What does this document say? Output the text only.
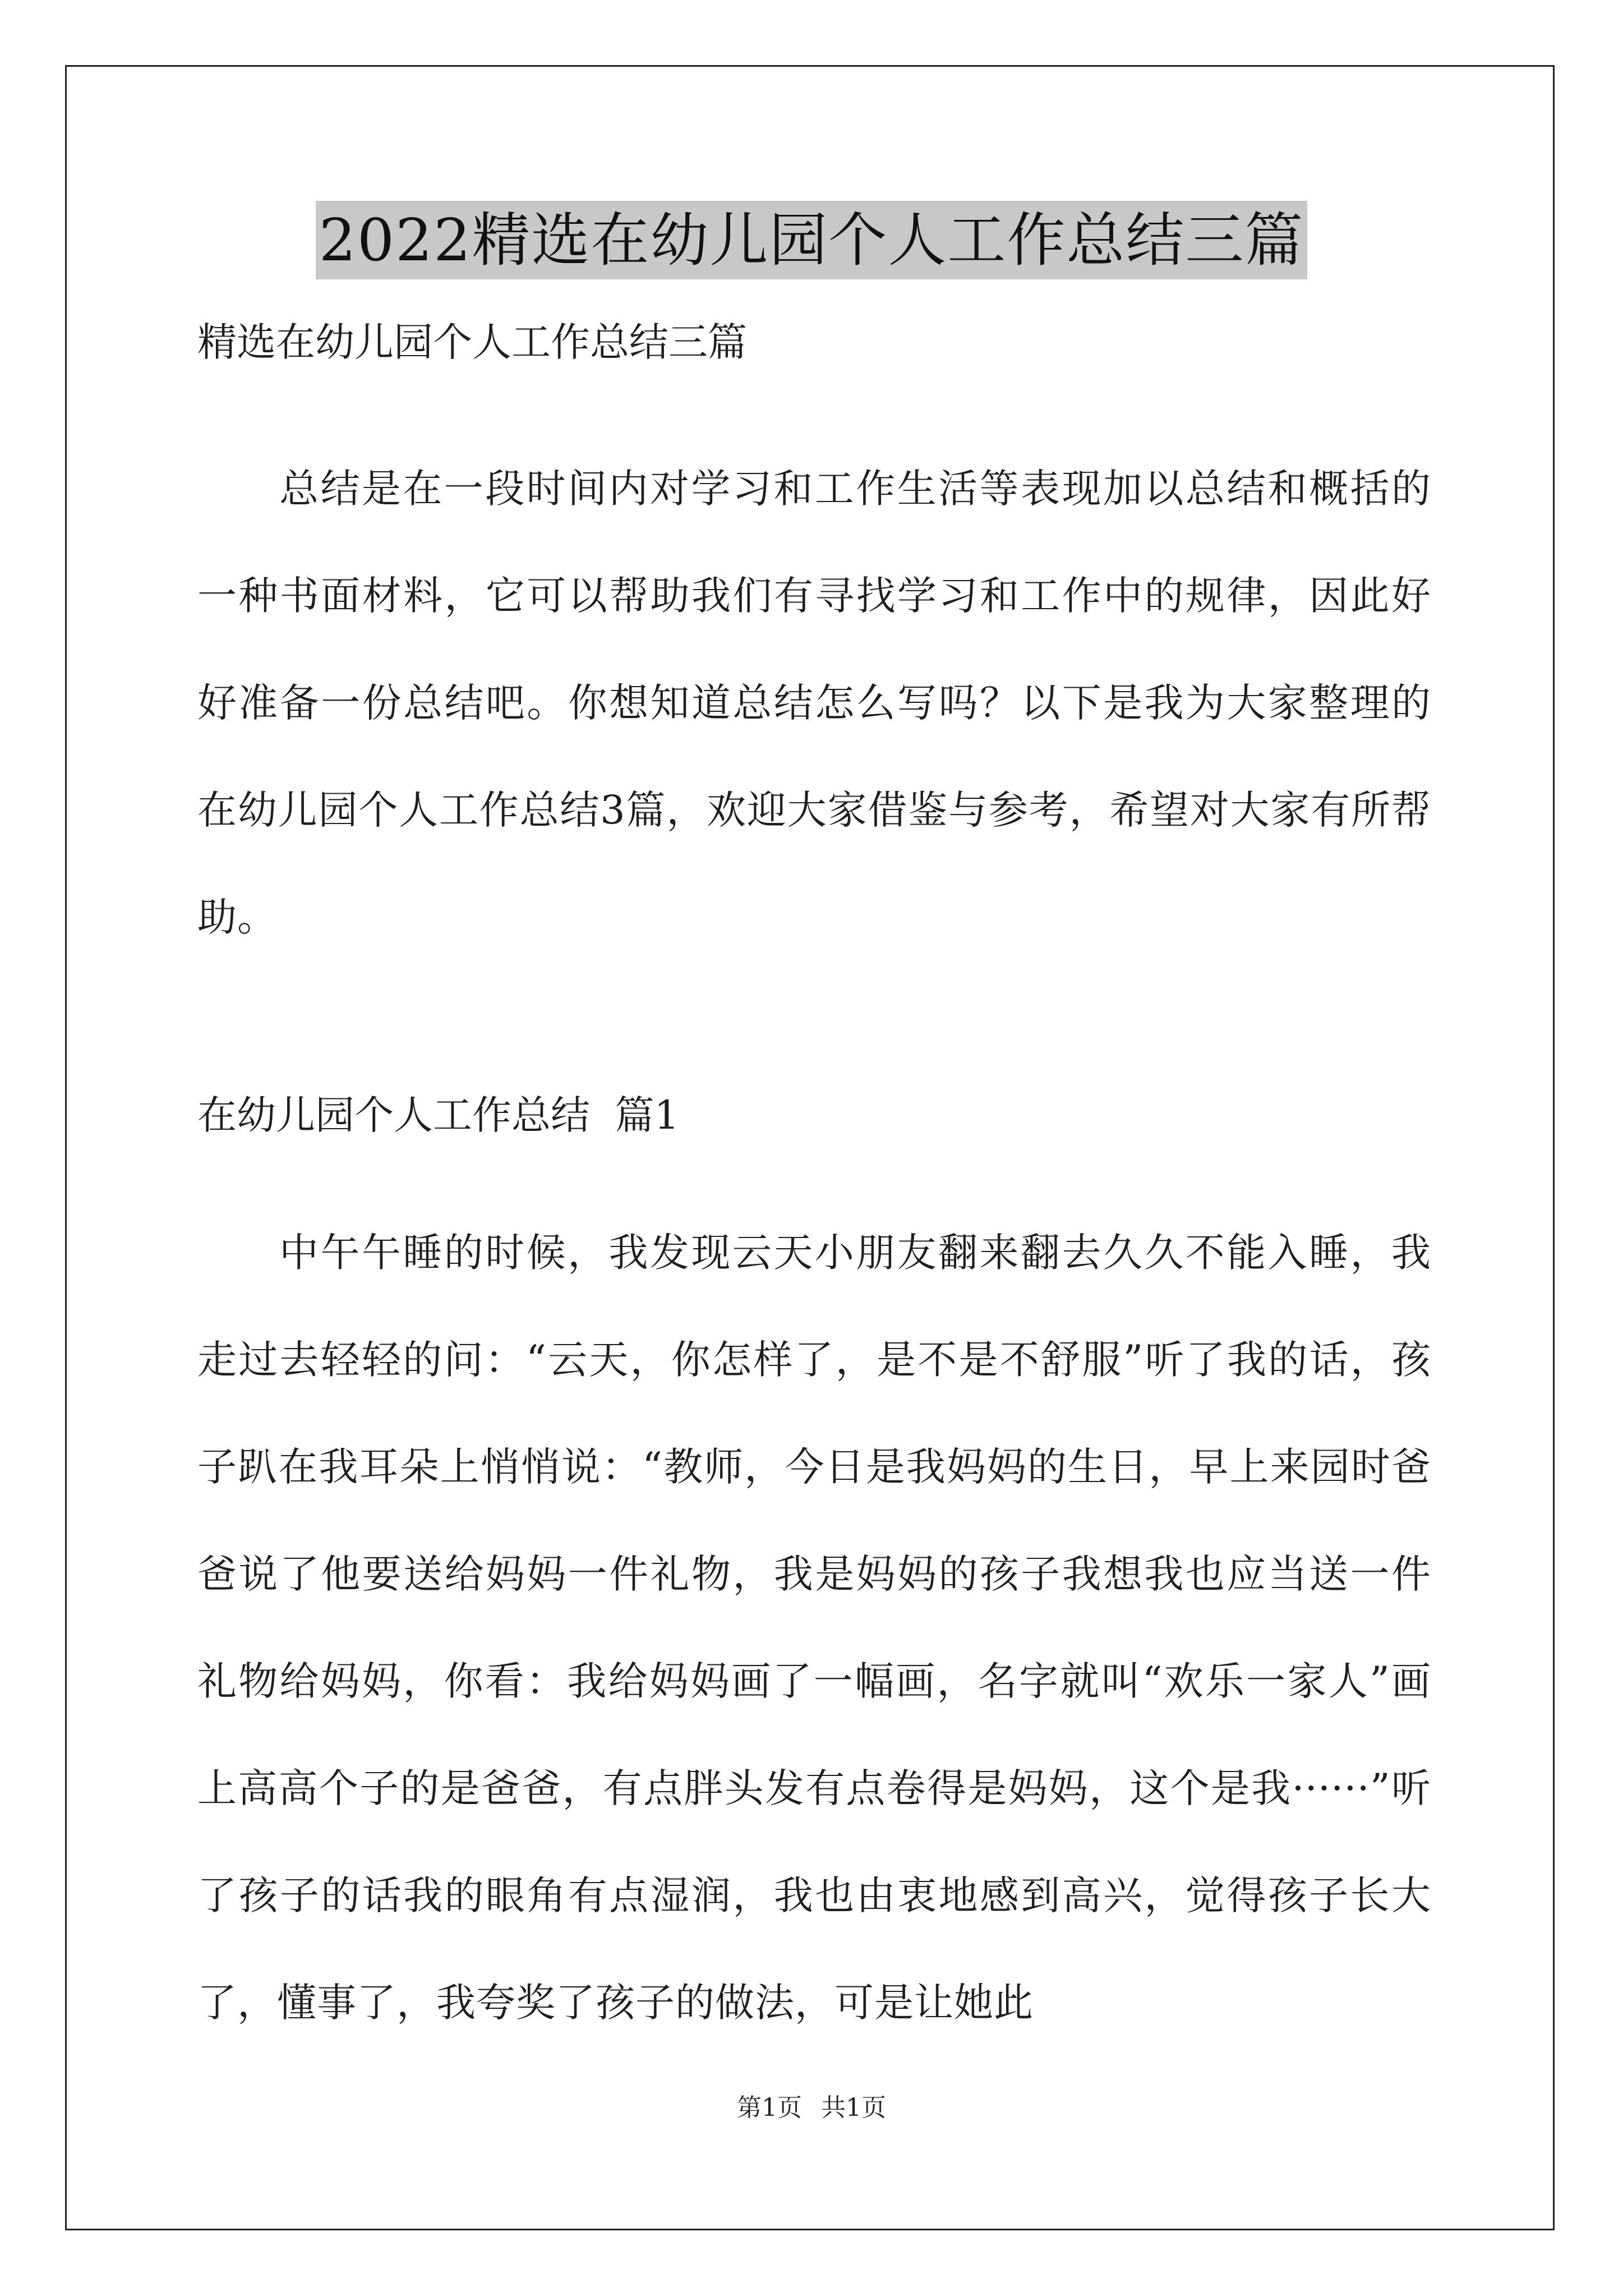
2022精选在幼儿园个人工作总结三篇
精选在幼儿园个人工作总结三篇
总结是在一段时间内对学习和工作生活等表现加以总结和概括的一种书面材料，它可以帮助我们有寻找学习和工作中的规律，因此好好准备一份总结吧。你想知道总结怎么写吗？以下是我为大家整理的在幼儿园个人工作总结3篇，欢迎大家借鉴与参考，希望对大家有所帮助。
在幼儿园个人工作总结  篇1
中午午睡的时候，我发现云天小朋友翻来翻去久久不能入睡，我走过去轻轻的问：“云天，你怎样了，是不是不舒服”听了我的话，孩子趴在我耳朵上悄悄说：“教师，今日是我妈妈的生日，早上来园时爸爸说了他要送给妈妈一件礼物，我是妈妈的孩子我想我也应当送一件礼物给妈妈，你看：我给妈妈画了一幅画，名字就叫“欢乐一家人”画上高高个子的是爸爸，有点胖头发有点卷得是妈妈，这个是我······”听了孩子的话我的眼角有点湿润，我也由衷地感到高兴，觉得孩子长大了，懂事了，我夸奖了孩子的做法，可是让她此
第1页 共1页
